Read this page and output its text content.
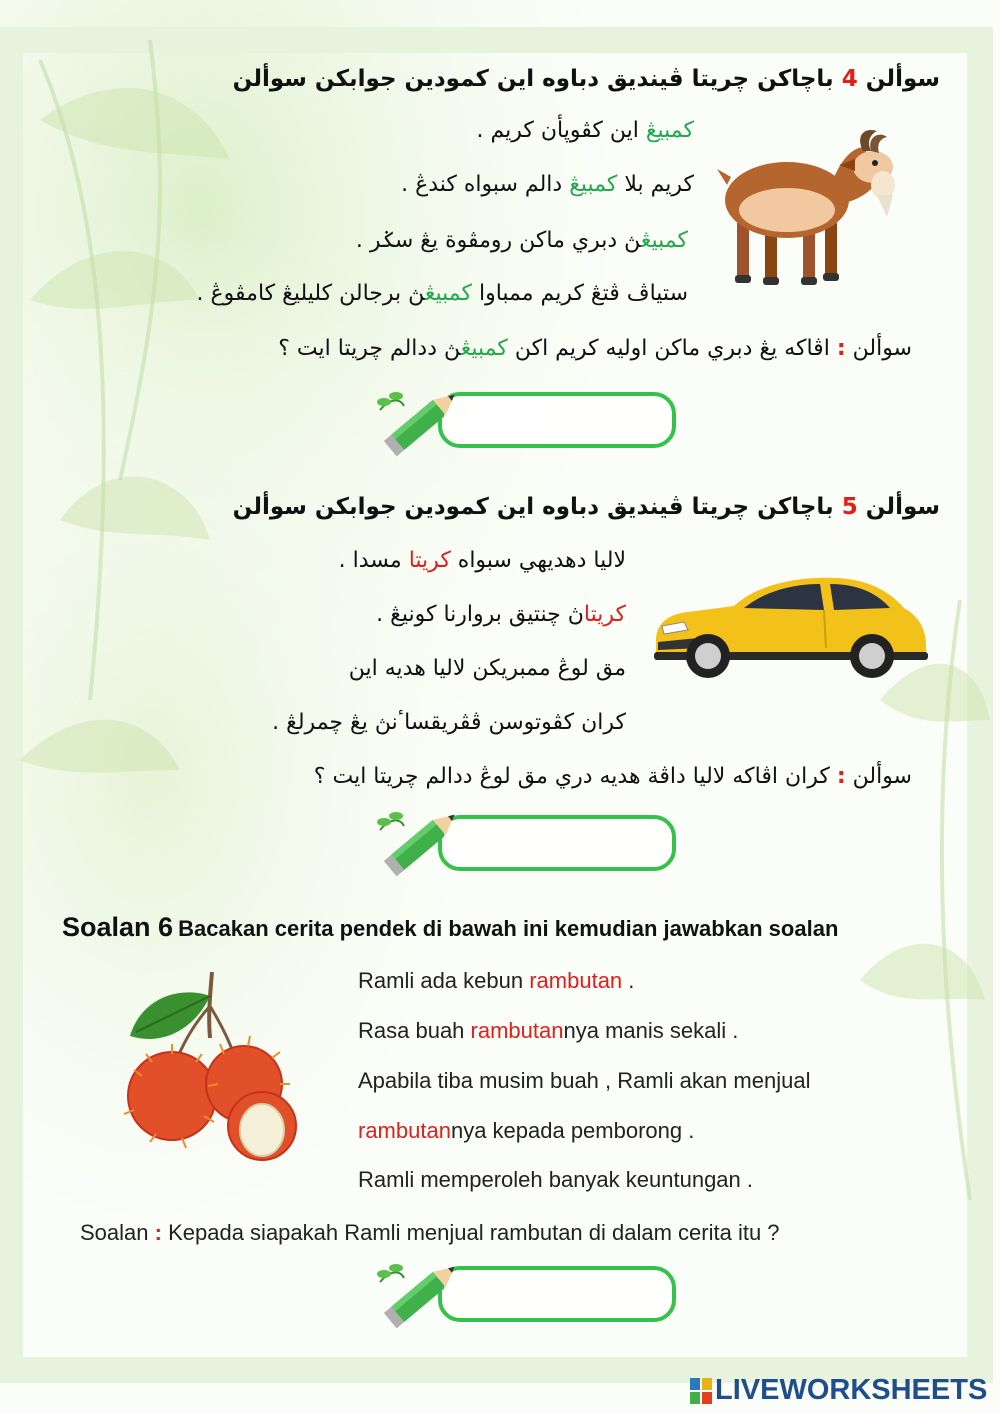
سوألن 4 باچاکن چريتا ڤينديق دباوه اين کمودين جوابکن سوألن
کمبيڠ اين کڤوڽأن کريم .
کريم بلا کمبيڠ دالم سبواه کندڠ .
کمبيڠڽ دبري ماکن رومڤوة يڠ سݢر .
ستياڤ ڤتڠ کريم ممباوا کمبيڠڽ برجالن کليليڠ کامڤوڠ .
سوألن : اڤاکه يڠ دبري ماکن اوليه کريم اکن کمبيڠڽ ددالم چريتا ايت ؟
سوألن 5 باچاکن چريتا ڤينديق دباوه اين کمودين جوابکن سوألن
لاليا دهديهي سبواه کريتا مسدا .
کريتاڽ چنتيق بروارنا کونيڠ .
مق لوڠ ممبريکن لاليا هديه اين
کران کڤوتوسن ڤڤريقساٴنڽ يڠ چمرلڠ .
سوألن : کران اڤاکه لاليا داڤة هديه دري مق لوڠ ددالم چريتا ايت ؟
Soalan 6 Bacakan cerita pendek di bawah ini kemudian jawabkan soalan
Ramli ada kebun rambutan .
Rasa buah rambutannya manis sekali .
Apabila tiba musim buah , Ramli akan menjual
rambutannya kepada pemborong .
Ramli memperoleh banyak keuntungan .
Soalan : Kepada siapakah Ramli menjual rambutan di dalam cerita itu ?
LIVEWORKSHEETS
